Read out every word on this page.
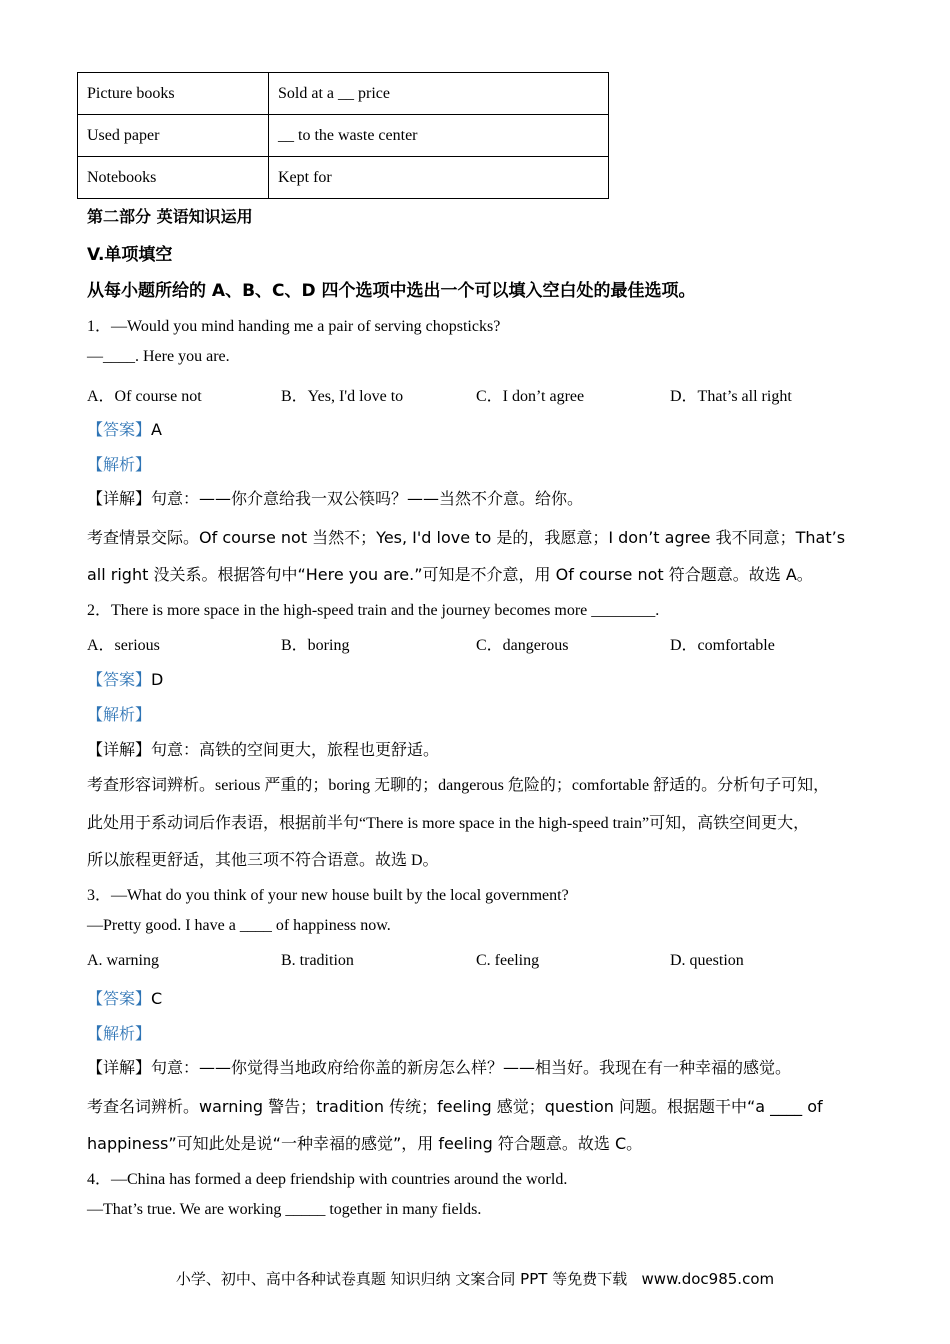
Picture books	Sold at a __ price
Used paper	__ to the waste center
Notebooks	Kept for
第二部分 英语知识运用
V.单项填空
从每小题所给的 A、B、C、D 四个选项中选出一个可以填入空白处的最佳选项。
1．—Would you mind handing me a pair of serving chopsticks?
—____. Here you are.
A．Of course not	B．Yes, I'd love to	C．I don’t agree	D．That’s all right
【答案】A
【解析】
【详解】句意：——你介意给我一双公筷吗？——当然不介意。给你。
考查情景交际。Of course not 当然不；Yes, I'd love to 是的，我愿意；I don’t agree 我不同意；That’s
all right 没关系。根据答句中“Here you are.”可知是不介意，用 Of course not 符合题意。故选 A。
2．There is more space in the high-speed train and the journey becomes more ________.
A．serious	B．boring	C．dangerous	D．comfortable
【答案】D
【解析】
【详解】句意：高铁的空间更大，旅程也更舒适。
考查形容词辨析。serious 严重的；boring 无聊的；dangerous 危险的；comfortable 舒适的。分析句子可知，
此处用于系动词后作表语，根据前半句“There is more space in the high-speed train”可知，高铁空间更大，
所以旅程更舒适，其他三项不符合语意。故选 D。
3．—What do you think of your new house built by the local government?
—Pretty good. I have a ____ of happiness now.
A. warning	B. tradition	C. feeling	D. question
【答案】C
【解析】
【详解】句意：——你觉得当地政府给你盖的新房怎么样？——相当好。我现在有一种幸福的感觉。
考查名词辨析。warning 警告；tradition 传统；feeling 感觉；question 问题。根据题干中“a ____ of
happiness”可知此处是说“一种幸福的感觉”，用 feeling 符合题意。故选 C。
4．—China has formed a deep friendship with countries around the world.
—That’s true. We are working _____ together in many fields.
小学、初中、高中各种试卷真题 知识归纳 文案合同 PPT 等免费下载 www.doc985.com
